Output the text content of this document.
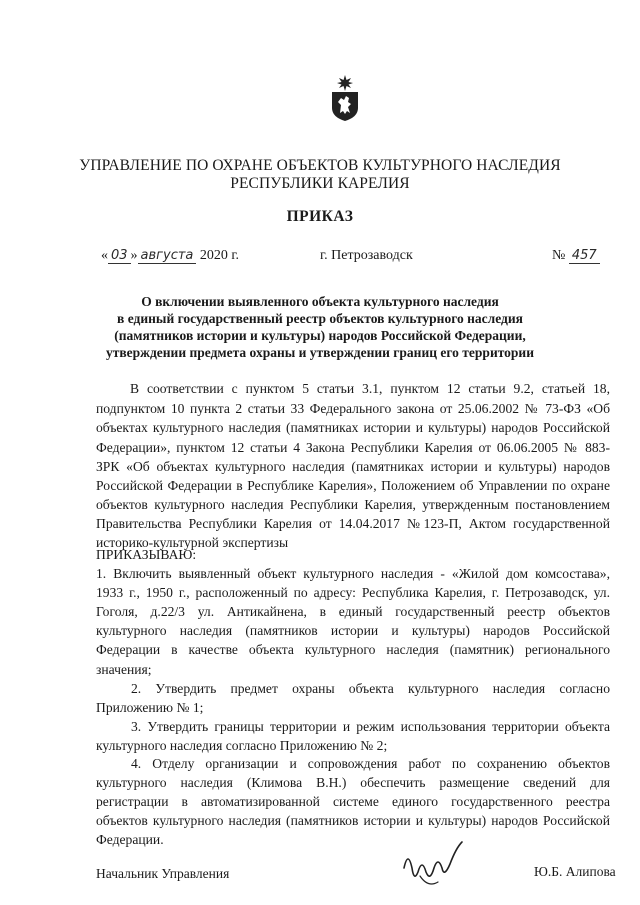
УПРАВЛЕНИЕ ПО ОХРАНЕ ОБЪЕКТОВ КУЛЬТУРНОГО НАСЛЕДИЯ
РЕСПУБЛИКИ КАРЕЛИЯ
ПРИКАЗ
« 03 » августа 2020 г.	г. Петрозаводск	№ 457
О включении выявленного объекта культурного наследия
в единый государственный реестр объектов культурного наследия
(памятников истории и культуры) народов Российской Федерации,
утверждении предмета охраны и утверждении границ его территории
В соответствии с пунктом 5 статьи 3.1, пунктом 12 статьи 9.2, статьей 18,
подпунктом 10 пункта 2 статьи 33 Федерального закона от 25.06.2002 № 73-ФЗ «Об
объектах культурного наследия (памятниках истории и культуры) народов Российской
Федерации», пунктом 12 статьи 4 Закона Республики Карелия от 06.06.2005 № 883-
ЗРК «Об объектах культурного наследия (памятниках истории и культуры) народов
Российской Федерации в Республике Карелия», Положением об Управлении по охране
объектов культурного наследия Республики Карелия, утвержденным постановлением
Правительства Республики Карелия от 14.04.2017 №123-П, Актом государственной
историко-культурной экспертизы
ПРИКАЗЫВАЮ:
1. Включить выявленный объект культурного наследия - «Жилой дом комсостава»,
1933 г., 1950 г., расположенный по адресу: Республика Карелия, г. Петрозаводск, ул.
Гоголя, д.22/3 ул. Антикайнена, в единый государственный реестр объектов
культурного наследия (памятников истории и культуры) народов Российской
Федерации в качестве объекта культурного наследия (памятник) регионального
значения;
2. Утвердить предмет охраны объекта культурного наследия согласно
Приложению № 1;
3. Утвердить границы территории и режим использования территории объекта
культурного наследия согласно Приложению № 2;
4. Отделу организации и сопровождения работ по сохранению объектов
культурного наследия (Климова В.Н.) обеспечить размещение сведений для
регистрации в автоматизированной системе единого государственного реестра
объектов культурного наследия (памятников истории и культуры) народов Российской
Федерации.
Начальник Управления	Ю.Б. Алипова
